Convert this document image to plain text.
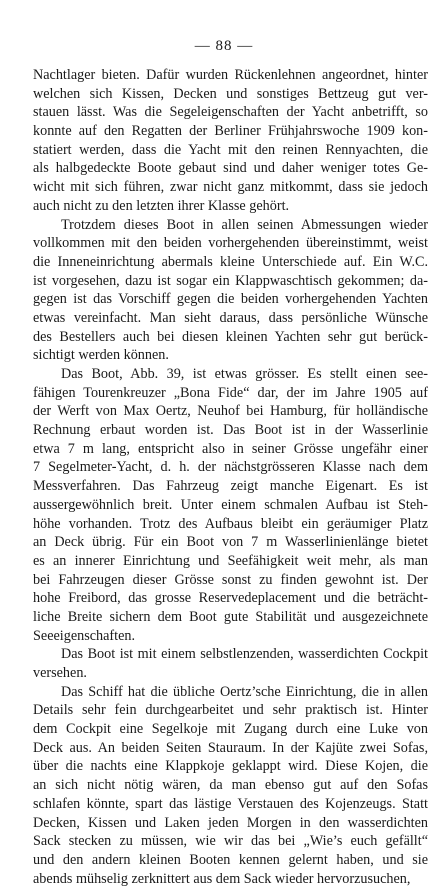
— 88 —
Nachtlager bieten. Dafür wurden Rückenlehnen angeordnet, hinter
welchen sich Kissen, Decken und sonstiges Bettzeug gut ver-
stauen lässt. Was die Segeleigenschaften der Yacht anbetrifft, so
konnte auf den Regatten der Berliner Frühjahrswoche 1909 kon-
statiert werden, dass die Yacht mit den reinen Rennyachten, die
als halbgedeckte Boote gebaut sind und daher weniger totes Ge-
wicht mit sich führen, zwar nicht ganz mitkommt, dass sie jedoch
auch nicht zu den letzten ihrer Klasse gehört.
Trotzdem dieses Boot in allen seinen Abmessungen wieder
vollkommen mit den beiden vorhergehenden übereinstimmt, weist
die Inneneinrichtung abermals kleine Unterschiede auf. Ein W.C.
ist vorgesehen, dazu ist sogar ein Klappwaschtisch gekommen; da-
gegen ist das Vorschiff gegen die beiden vorhergehenden Yachten
etwas vereinfacht. Man sieht daraus, dass persönliche Wünsche
des Bestellers auch bei diesen kleinen Yachten sehr gut berück-
sichtigt werden können.
Das Boot, Abb. 39, ist etwas grösser. Es stellt einen see-
fähigen Tourenkreuzer „Bona Fide“ dar, der im Jahre 1905 auf
der Werft von Max Oertz, Neuhof bei Hamburg, für holländische
Rechnung erbaut worden ist. Das Boot ist in der Wasserlinie
etwa 7 m lang, entspricht also in seiner Grösse ungefähr einer
7 Segelmeter-Yacht, d. h. der nächstgrösseren Klasse nach dem
Messverfahren. Das Fahrzeug zeigt manche Eigenart. Es ist
aussergewöhnlich breit. Unter einem schmalen Aufbau ist Steh-
höhe vorhanden. Trotz des Aufbaus bleibt ein geräumiger Platz
an Deck übrig. Für ein Boot von 7 m Wasserlinienlänge bietet
es an innerer Einrichtung und Seefähigkeit weit mehr, als man
bei Fahrzeugen dieser Grösse sonst zu finden gewohnt ist. Der
hohe Freibord, das grosse Reservedeplacement und die beträcht-
liche Breite sichern dem Boot gute Stabilität und ausgezeichnete
Seeeigenschaften.
Das Boot ist mit einem selbstlenzenden, wasserdichten Cockpit
versehen.
Das Schiff hat die übliche Oertz’sche Einrichtung, die in allen
Details sehr fein durchgearbeitet und sehr praktisch ist. Hinter
dem Cockpit eine Segelkoje mit Zugang durch eine Luke von
Deck aus. An beiden Seiten Stauraum. In der Kajüte zwei Sofas,
über die nachts eine Klappkoje geklappt wird. Diese Kojen, die
an sich nicht nötig wären, da man ebenso gut auf den Sofas
schlafen könnte, spart das lästige Verstauen des Kojenzeugs. Statt
Decken, Kissen und Laken jeden Morgen in den wasserdichten
Sack stecken zu müssen, wie wir das bei „Wie’s euch gefällt“
und den andern kleinen Booten kennen gelernt haben, und sie
abends mühselig zerknittert aus dem Sack wieder hervorzusuchen,
